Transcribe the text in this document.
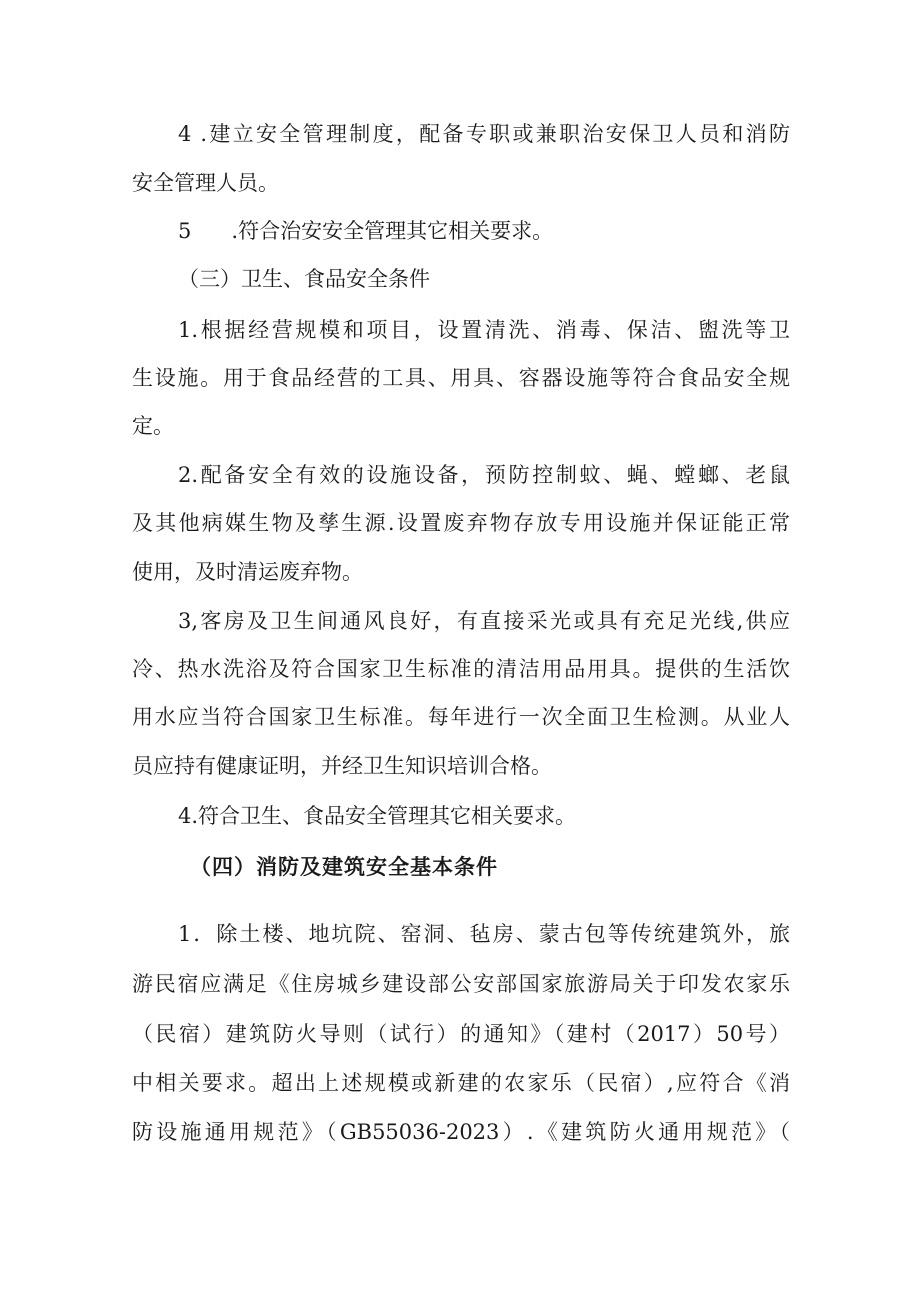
4 .建立安全管理制度，配备专职或兼职治安保卫人员和消防
安全管理人员。
5      .符合治安安全管理其它相关要求。
（三）卫生、食品安全条件
1.根据经营规模和项目，设置清洗、消毒、保洁、盥洗等卫
生设施。用于食品经营的工具、用具、容器设施等符合食品安全规
定。
2.配备安全有效的设施设备，预防控制蚊、蝇、螳螂、老鼠
及其他病媒生物及孳生源.设置废弃物存放专用设施并保证能正常
使用，及时清运废弃物。
3,客房及卫生间通风良好，有直接采光或具有充足光线,供应
冷、热水洗浴及符合国家卫生标准的清洁用品用具。提供的生活饮
用水应当符合国家卫生标准。每年进行一次全面卫生检测。从业人
员应持有健康证明，并经卫生知识培训合格。
4.符合卫生、食品安全管理其它相关要求。
（四）消防及建筑安全基本条件
1．除土楼、地坑院、窑洞、毡房、蒙古包等传统建筑外，旅
游民宿应满足《住房城乡建设部公安部国家旅游局关于印发农家乐
（民宿）建筑防火导则（试行）的通知》（建村（2017）50号）
中相关要求。超出上述规模或新建的农家乐（民宿）,应符合《消
防设施通用规范》（GB55036-2023）.《建筑防火通用规范》（
